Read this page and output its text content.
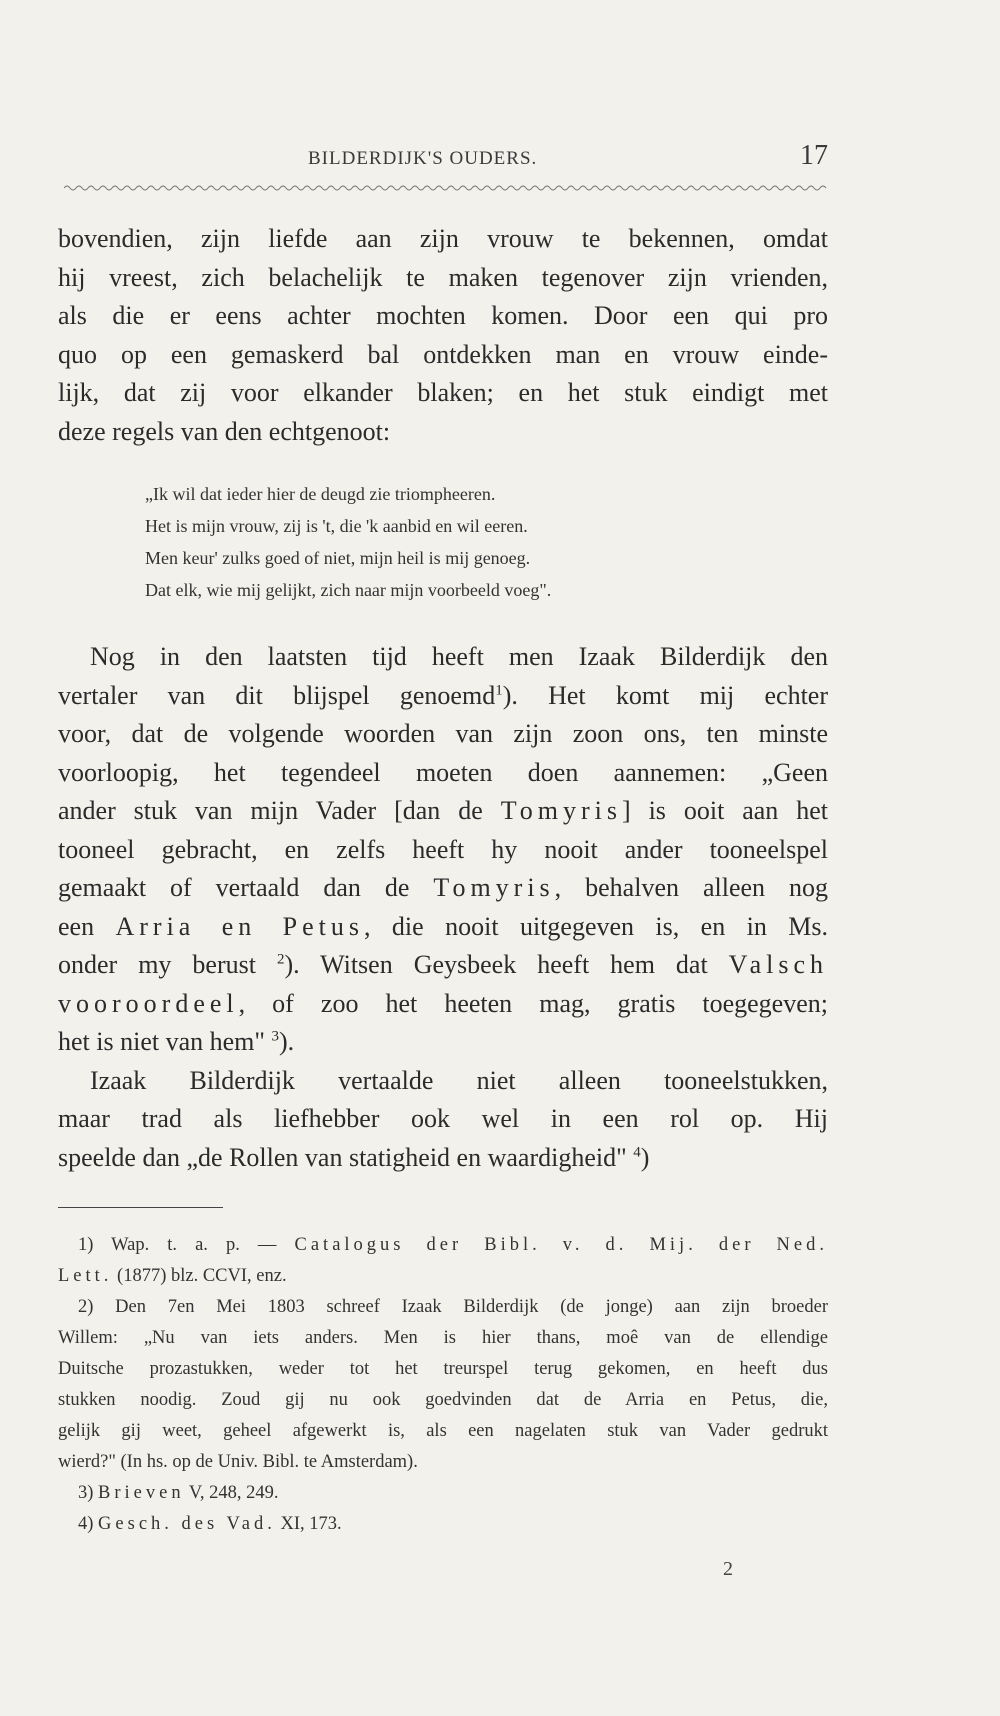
BILDERDIJK'S OUDERS.	17
bovendien, zijn liefde aan zijn vrouw te bekennen, omdat
hij vreest, zich belachelijk te maken tegenover zijn vrienden,
als die er eens achter mochten komen. Door een qui pro
quo op een gemaskerd bal ontdekken man en vrouw einde-
lijk, dat zij voor elkander blaken; en het stuk eindigt met
deze regels van den echtgenoot:
„Ik wil dat ieder hier de deugd zie triompheeren.
Het is mijn vrouw, zij is 't, die 'k aanbid en wil eeren.
Men keur' zulks goed of niet, mijn heil is mij genoeg.
Dat elk, wie mij gelijkt, zich naar mijn voorbeeld voeg".
Nog in den laatsten tijd heeft men Izaak Bilderdijk den
vertaler van dit blijspel genoemd$^1$). Het komt mij echter
voor, dat de volgende woorden van zijn zoon ons, ten minste
voorloopig, het tegendeel moeten doen aannemen: „Geen
ander stuk van mijn Vader [dan de Tomyris] is ooit aan het
tooneel gebracht, en zelfs heeft hy nooit ander tooneelspel
gemaakt of vertaald dan de Tomyris, behalven alleen nog
een Arria en Petus, die nooit uitgegeven is, en in Ms.
onder my berust $^2$). Witsen Geysbeek heeft hem dat Valsch
vooroordeel, of zoo het heeten mag, gratis toegegeven;
het is niet van hem" $^3$).
Izaak Bilderdijk vertaalde niet alleen tooneelstukken,
maar trad als liefhebber ook wel in een rol op. Hij
speelde dan „de Rollen van statigheid en waardigheid" $^4$)
1) Wap. t. a. p. — Catalogus der Bibl. v. d. Mij. der Ned.
Lett. (1877) blz. CCVI, enz.
2) Den 7en Mei 1803 schreef Izaak Bilderdijk (de jonge) aan zijn broeder
Willem: „Nu van iets anders. Men is hier thans, moê van de ellendige
Duitsche prozastukken, weder tot het treurspel terug gekomen, en heeft dus
stukken noodig. Zoud gij nu ook goedvinden dat de Arria en Petus, die,
gelijk gij weet, geheel afgewerkt is, als een nagelaten stuk van Vader gedrukt
wierd?" (In hs. op de Univ. Bibl. te Amsterdam).
3) Brieven V, 248, 249.
4) Gesch. des Vad. XI, 173.
2
